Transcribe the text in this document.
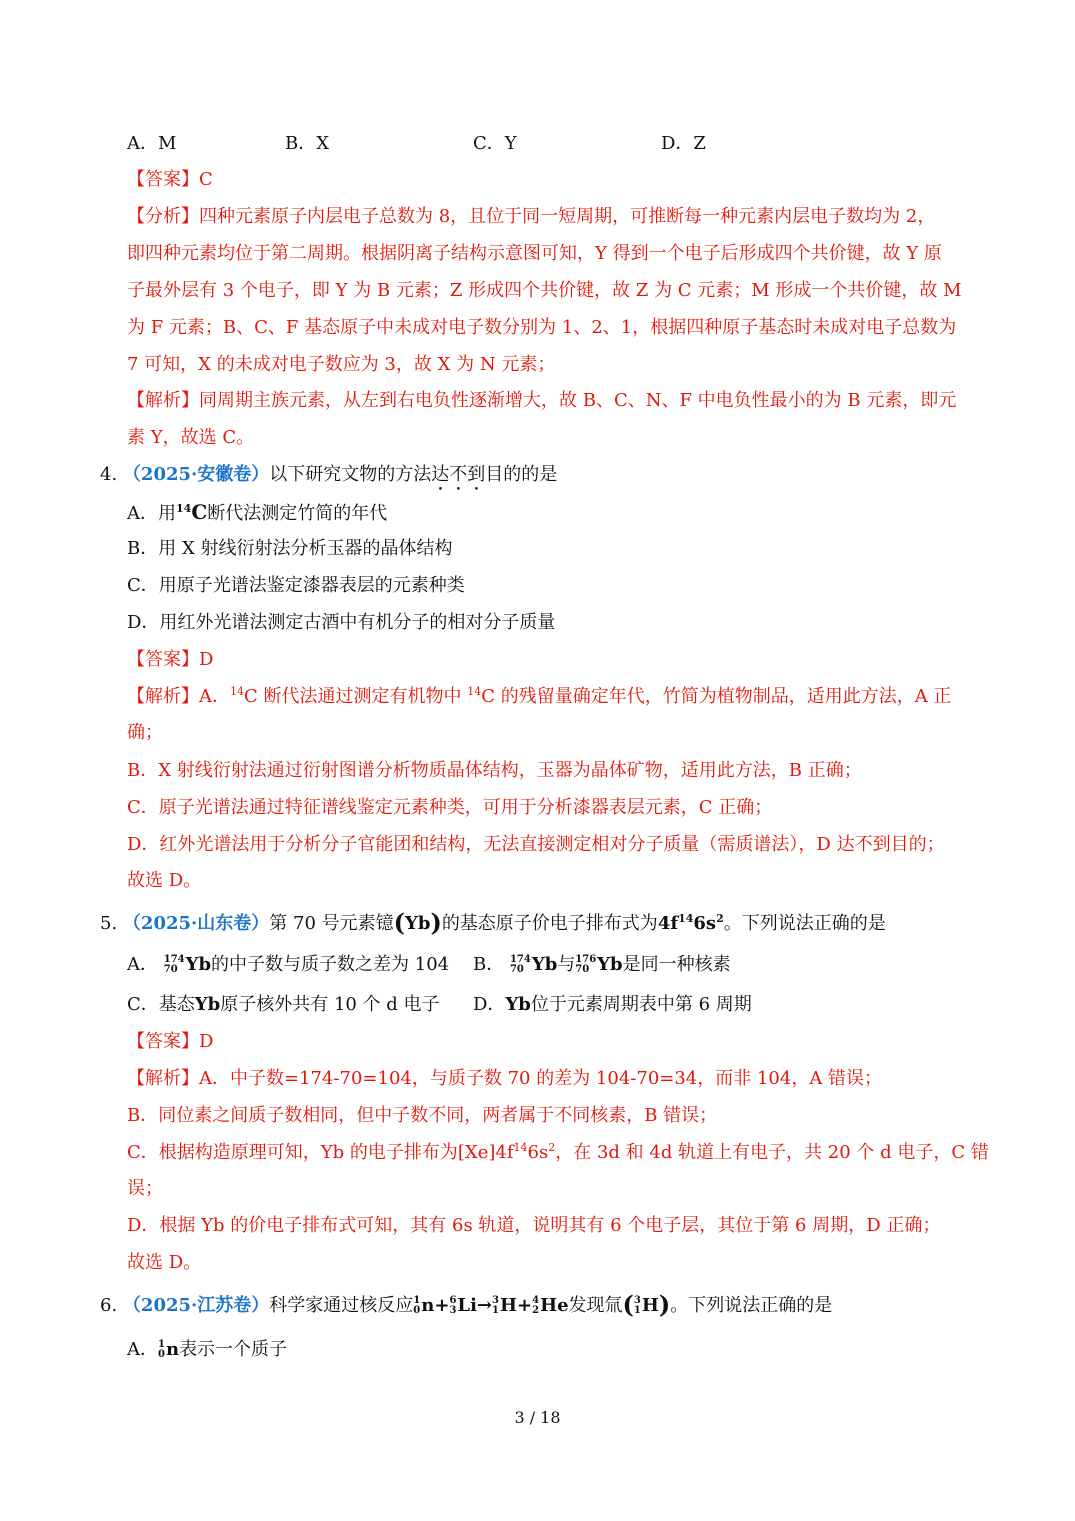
A．M	B．X	C．Y	D．Z
【答案】C
【分析】四种元素原子内层电子总数为 8，且位于同一短周期，可推断每一种元素内层电子数均为 2，
即四种元素均位于第二周期。根据阴离子结构示意图可知，Y 得到一个电子后形成四个共价键，故 Y 原
子最外层有 3 个电子，即 Y 为 B 元素；Z 形成四个共价键，故 Z 为 C 元素；M 形成一个共价键，故 M
为 F 元素；B、C、F 基态原子中未成对电子数分别为 1、2、1，根据四种原子基态时未成对电子总数为
7 可知，X 的未成对电子数应为 3，故 X 为 N 元素；
【解析】同周期主族元素，从左到右电负性逐渐增大，故 B、C、N、F 中电负性最小的为 B 元素，即元
素 Y，故选 C。
4. （2025·安徽卷）以下研究文物的方法达不到目的的是
A．用$^{14}$C断代法测定竹简的年代
B．用 X 射线衍射法分析玉器的晶体结构
C．用原子光谱法鉴定漆器表层的元素种类
D．用红外光谱法测定古酒中有机分子的相对分子质量
【答案】D
【解析】A．$^{14}$C 断代法通过测定有机物中 $^{14}$C 的残留量确定年代，竹简为植物制品，适用此方法，A 正
确；
B．X 射线衍射法通过衍射图谱分析物质晶体结构，玉器为晶体矿物，适用此方法，B 正确；
C．原子光谱法通过特征谱线鉴定元素种类，可用于分析漆器表层元素，C 正确；
D．红外光谱法用于分析分子官能团和结构，无法直接测定相对分子质量（需质谱法），D 达不到目的；
故选 D。
5. （2025·山东卷）第 70 号元素镱(Yb)的基态原子价电子排布式为$4f^{14}6s^2$。下列说法正确的是
A． 174
70 Yb的中子数与质子数之差为 104 B． 174
70 Yb与 176
70 Yb是同一种核素
C．基态Yb原子核外共有 10 个 d 电子 D．Yb位于元素周期表中第 6 周期
【答案】D
【解析】A．中子数=174-70=104，与质子数 70 的差为 104-70=34，而非 104，A 错误；
B．同位素之间质子数相同，但中子数不同，两者属于不同核素，B 错误；
C．根据构造原理可知，Yb 的电子排布为$[Xe]4f^{14}6s^2$，在 3d 和 4d 轨道上有电子，共 20 个 d 电子，C 错
误；
D．根据 Yb 的价电子排布式可知，其有 6s 轨道，说明其有 6 个电子层，其位于第 6 周期，D 正确；
故选 D。
6. （2025·江苏卷）科学家通过核反应 1
0 n+ 6
3 Li→ 3
1 H+ 4
2 He发现氚( 3
1 H)。下列说法正确的是
A． 1
0 n表示一个质子
3 / 18
